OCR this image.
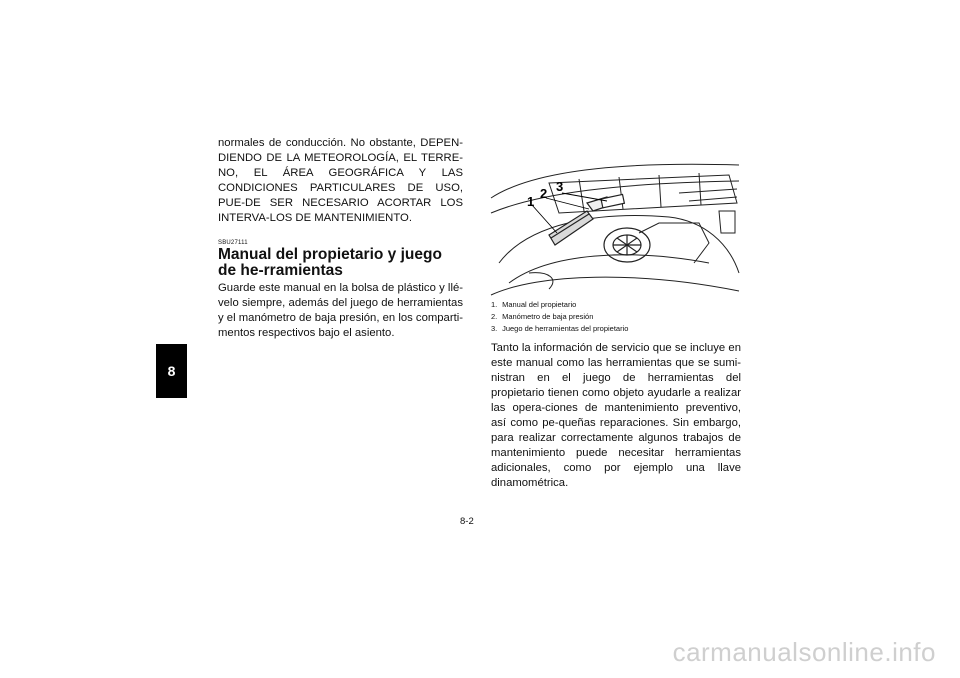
8

normales de conducción. No obstante, DEPEN-DIENDO DE LA METEOROLOGÍA, EL TERRE-NO, EL ÁREA GEOGRÁFICA Y LAS CONDICIONES PARTICULARES DE USO, PUE-DE SER NECESARIO ACORTAR LOS INTERVA-LOS DE MANTENIMIENTO.

SBU27111
Manual del propietario y juego de he-rramientas

Guarde este manual en la bolsa de plástico y llé-velo siempre, además del juego de herramientas y el manómetro de baja presión, en los comparti-mentos respectivos bajo el asiento.

1
2 3
1. Manual del propietario
2. Manómetro de baja presión
3. Juego de herramientas del propietario

Tanto la información de servicio que se incluye en este manual como las herramientas que se sumi-nistran en el juego de herramientas del propietario tienen como objeto ayudarle a realizar las opera-ciones de mantenimiento preventivo, así como pe-queñas reparaciones. Sin embargo, para realizar correctamente algunos trabajos de mantenimiento puede necesitar herramientas adicionales, como por ejemplo una llave dinamométrica.

8-2
carmanualsonline.info
